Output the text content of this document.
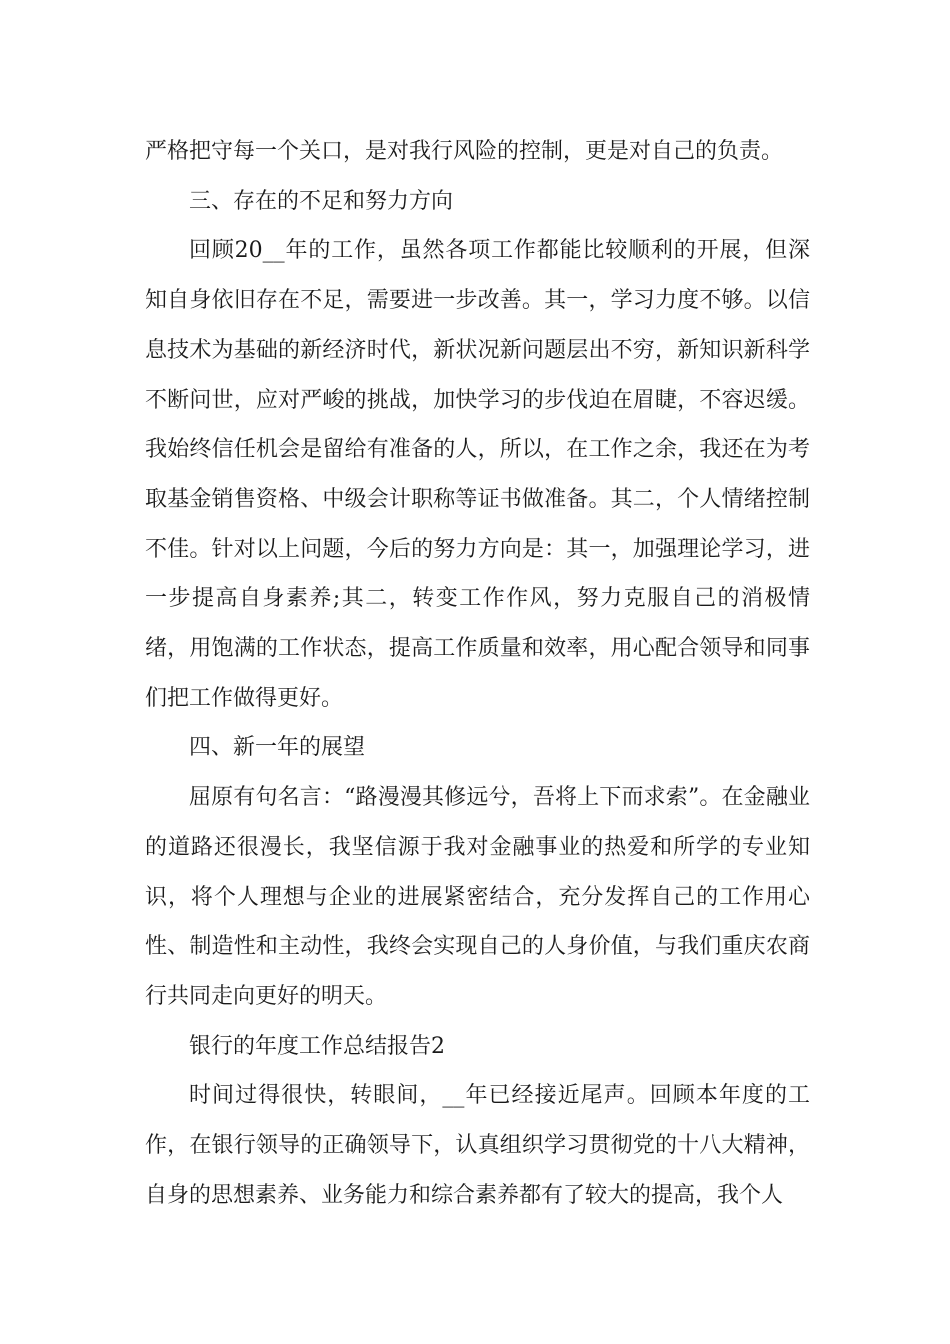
严格把守每一个关口，是对我行风险的控制，更是对自己的负责。

三、存在的不足和努力方向

回顾20__年的工作，虽然各项工作都能比较顺利的开展，但深知自身依旧存在不足，需要进一步改善。其一，学习力度不够。以信息技术为基础的新经济时代，新状况新问题层出不穷，新知识新科学不断问世，应对严峻的挑战，加快学习的步伐迫在眉睫，不容迟缓。我始终信任机会是留给有准备的人，所以，在工作之余，我还在为考取基金销售资格、中级会计职称等证书做准备。其二，个人情绪控制不佳。针对以上问题，今后的努力方向是：其一，加强理论学习，进一步提高自身素养;其二，转变工作作风，努力克服自己的消极情绪，用饱满的工作状态，提高工作质量和效率，用心配合领导和同事们把工作做得更好。

四、新一年的展望

屈原有句名言：“路漫漫其修远兮，吾将上下而求索”。在金融业的道路还很漫长，我坚信源于我对金融事业的热爱和所学的专业知识，将个人理想与企业的进展紧密结合，充分发挥自己的工作用心性、制造性和主动性，我终会实现自己的人身价值，与我们重庆农商行共同走向更好的明天。

银行的年度工作总结报告2

时间过得很快，转眼间，__年已经接近尾声。回顾本年度的工作，在银行领导的正确领导下，认真组织学习贯彻党的十八大精神，自身的思想素养、业务能力和综合素养都有了较大的提高，我个人
